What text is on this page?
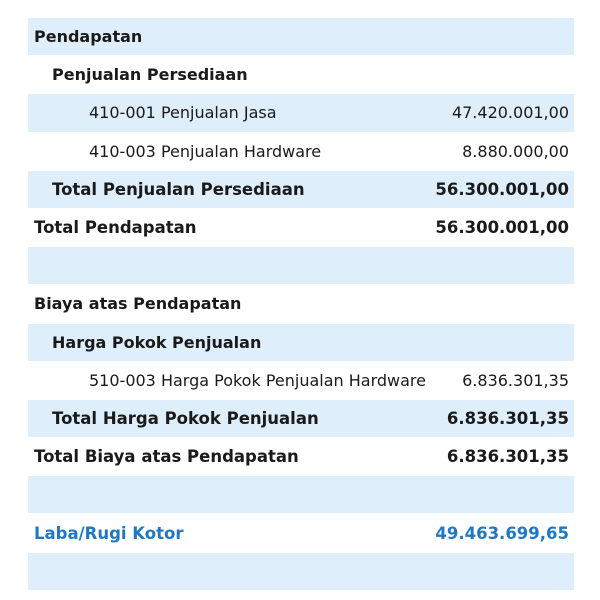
Pendapatan
Penjualan Persediaan
410-001 Penjualan Jasa	47.420.001,00
410-003 Penjualan Hardware	8.880.000,00
Total Penjualan Persediaan	56.300.001,00
Total Pendapatan	56.300.001,00
Biaya atas Pendapatan
Harga Pokok Penjualan
510-003 Harga Pokok Penjualan Hardware 6.836.301,35
Total Harga Pokok Penjualan	6.836.301,35
Total Biaya atas Pendapatan	6.836.301,35
Laba/Rugi Kotor	49.463.699,65
